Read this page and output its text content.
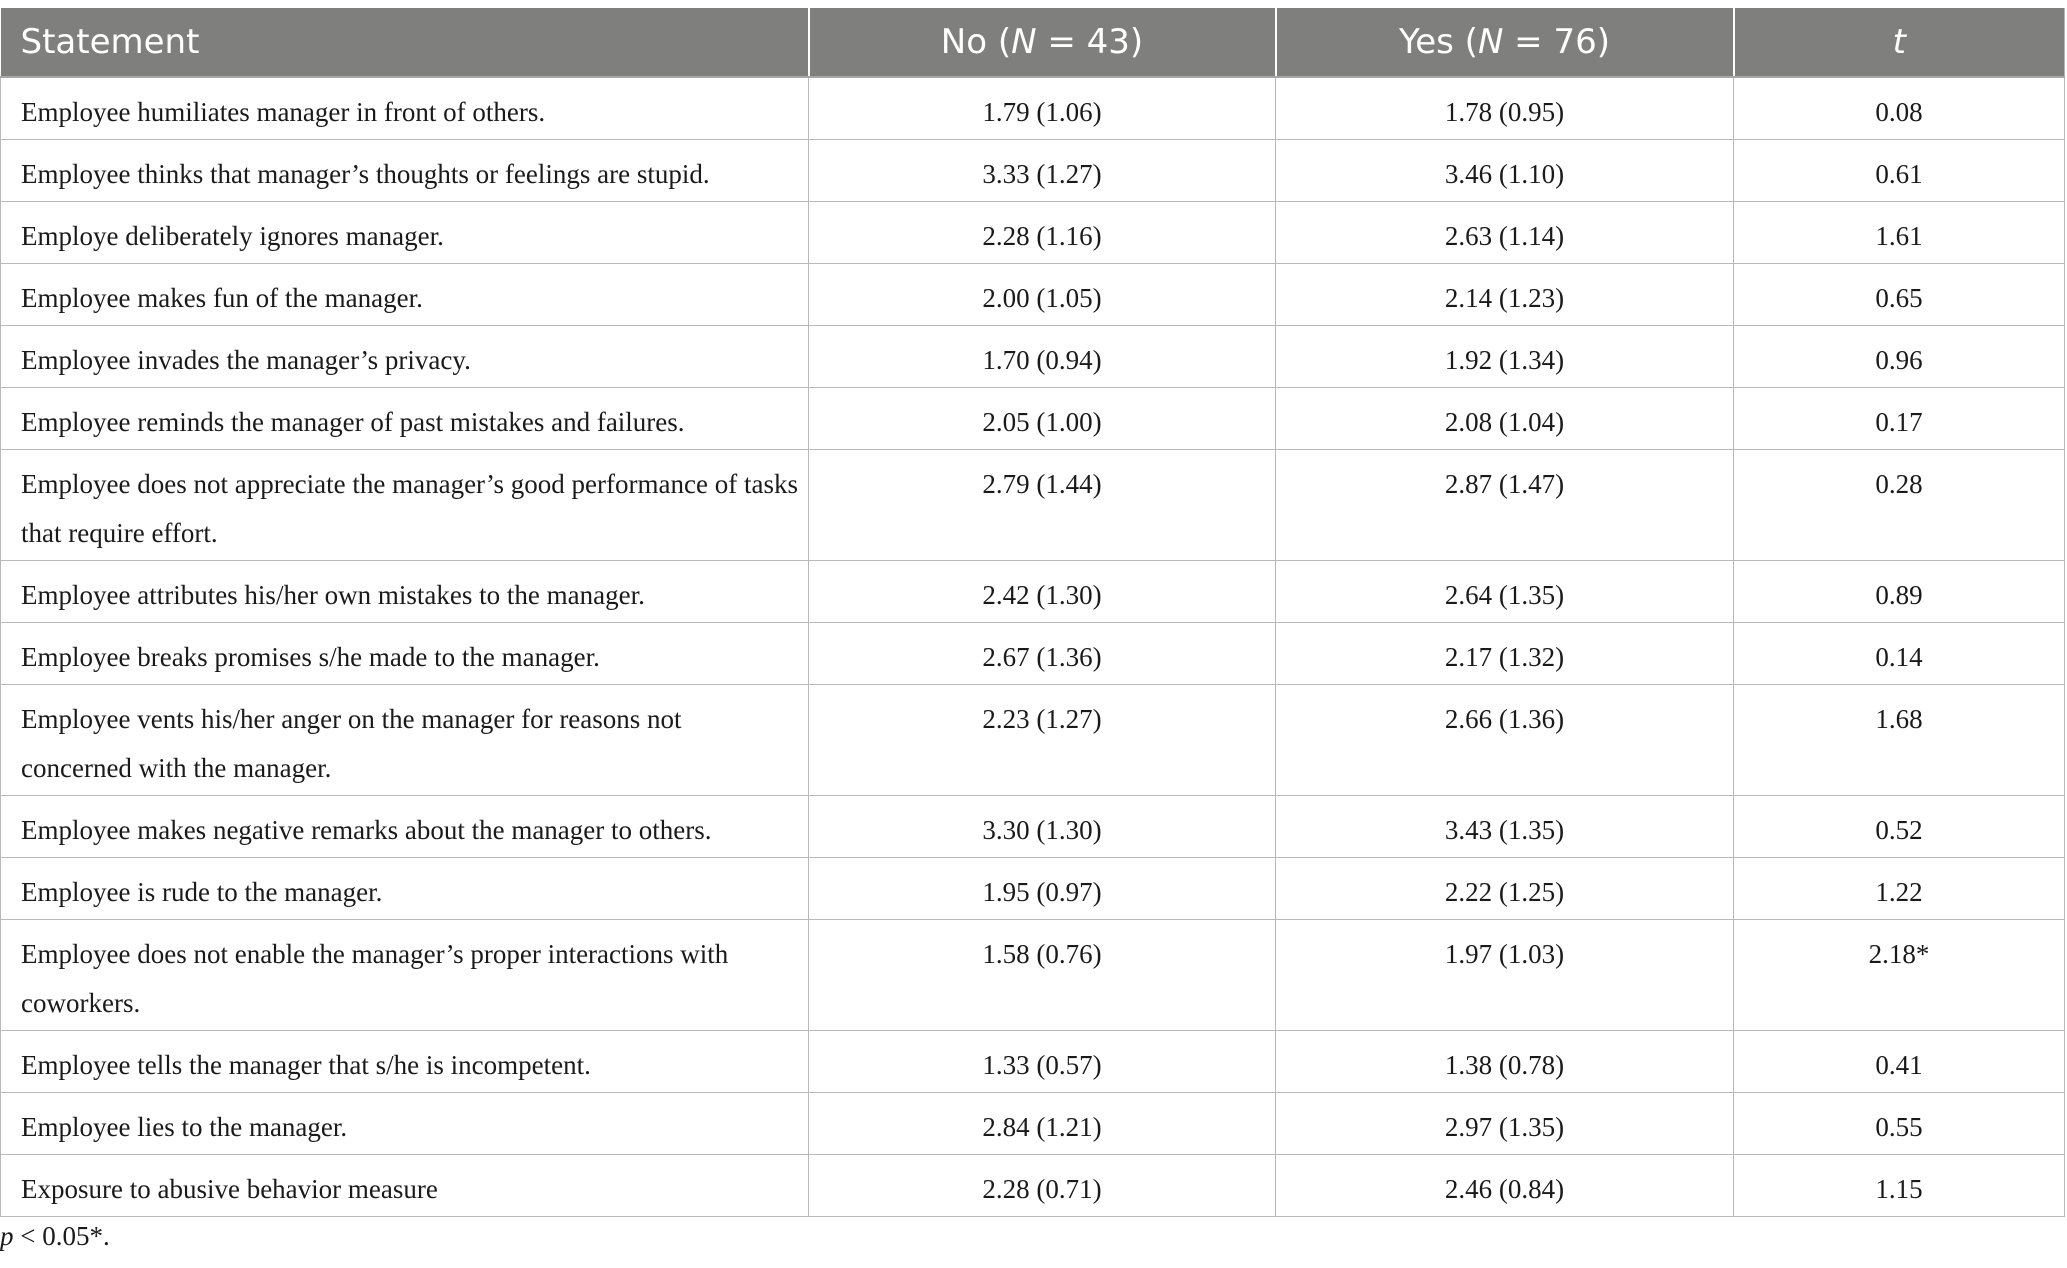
Statement	No (N = 43)	Yes (N = 76)	t
Employee humiliates manager in front of others.	1.79 (1.06)	1.78 (0.95)	0.08
Employee thinks that manager’s thoughts or feelings are stupid.	3.33 (1.27)	3.46 (1.10)	0.61
Employe deliberately ignores manager.	2.28 (1.16)	2.63 (1.14)	1.61
Employee makes fun of the manager.	2.00 (1.05)	2.14 (1.23)	0.65
Employee invades the manager’s privacy.	1.70 (0.94)	1.92 (1.34)	0.96
Employee reminds the manager of past mistakes and failures.	2.05 (1.00)	2.08 (1.04)	0.17
Employee does not appreciate the manager’s good performance of tasks that require effort.	2.79 (1.44)	2.87 (1.47)	0.28
Employee attributes his/her own mistakes to the manager.	2.42 (1.30)	2.64 (1.35)	0.89
Employee breaks promises s/he made to the manager.	2.67 (1.36)	2.17 (1.32)	0.14
Employee vents his/her anger on the manager for reasons not concerned with the manager.	2.23 (1.27)	2.66 (1.36)	1.68
Employee makes negative remarks about the manager to others.	3.30 (1.30)	3.43 (1.35)	0.52
Employee is rude to the manager.	1.95 (0.97)	2.22 (1.25)	1.22
Employee does not enable the manager’s proper interactions with coworkers.	1.58 (0.76)	1.97 (1.03)	2.18*
Employee tells the manager that s/he is incompetent.	1.33 (0.57)	1.38 (0.78)	0.41
Employee lies to the manager.	2.84 (1.21)	2.97 (1.35)	0.55
Exposure to abusive behavior measure	2.28 (0.71)	2.46 (0.84)	1.15
p < 0.05*.
